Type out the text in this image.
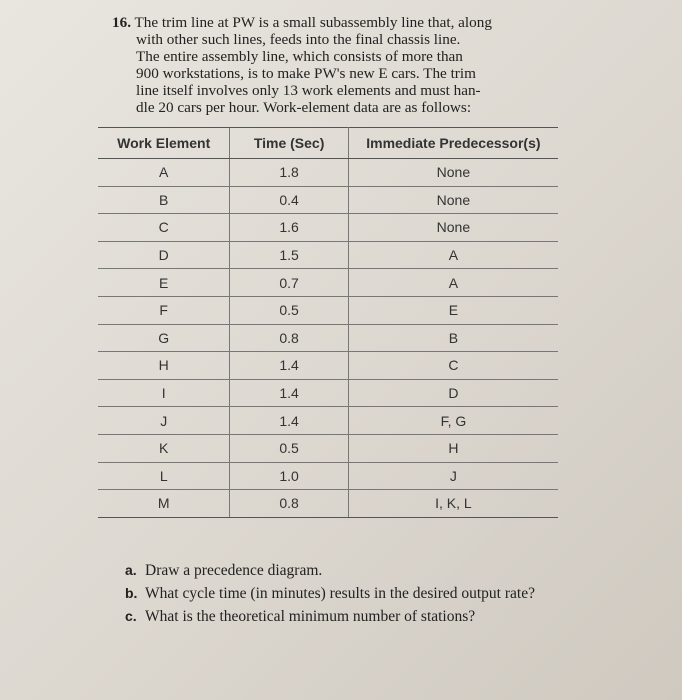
16. The trim line at PW is a small subassembly line that, along
with other such lines, feeds into the final chassis line.
The entire assembly line, which consists of more than
900 workstations, is to make PW's new E cars. The trim
line itself involves only 13 work elements and must han-
dle 20 cars per hour. Work-element data are as follows:
Work Element	Time (Sec)	Immediate Predecessor(s)
A	1.8	None
B	0.4	None
C	1.6	None
D	1.5	A
E	0.7	A
F	0.5	E
G	0.8	B
H	1.4	C
I	1.4	D
J	1.4	F, G
K	0.5	H
L	1.0	J
M	0.8	I, K, L
a. Draw a precedence diagram.
b. What cycle time (in minutes) results in the desired output rate?
c. What is the theoretical minimum number of stations?
